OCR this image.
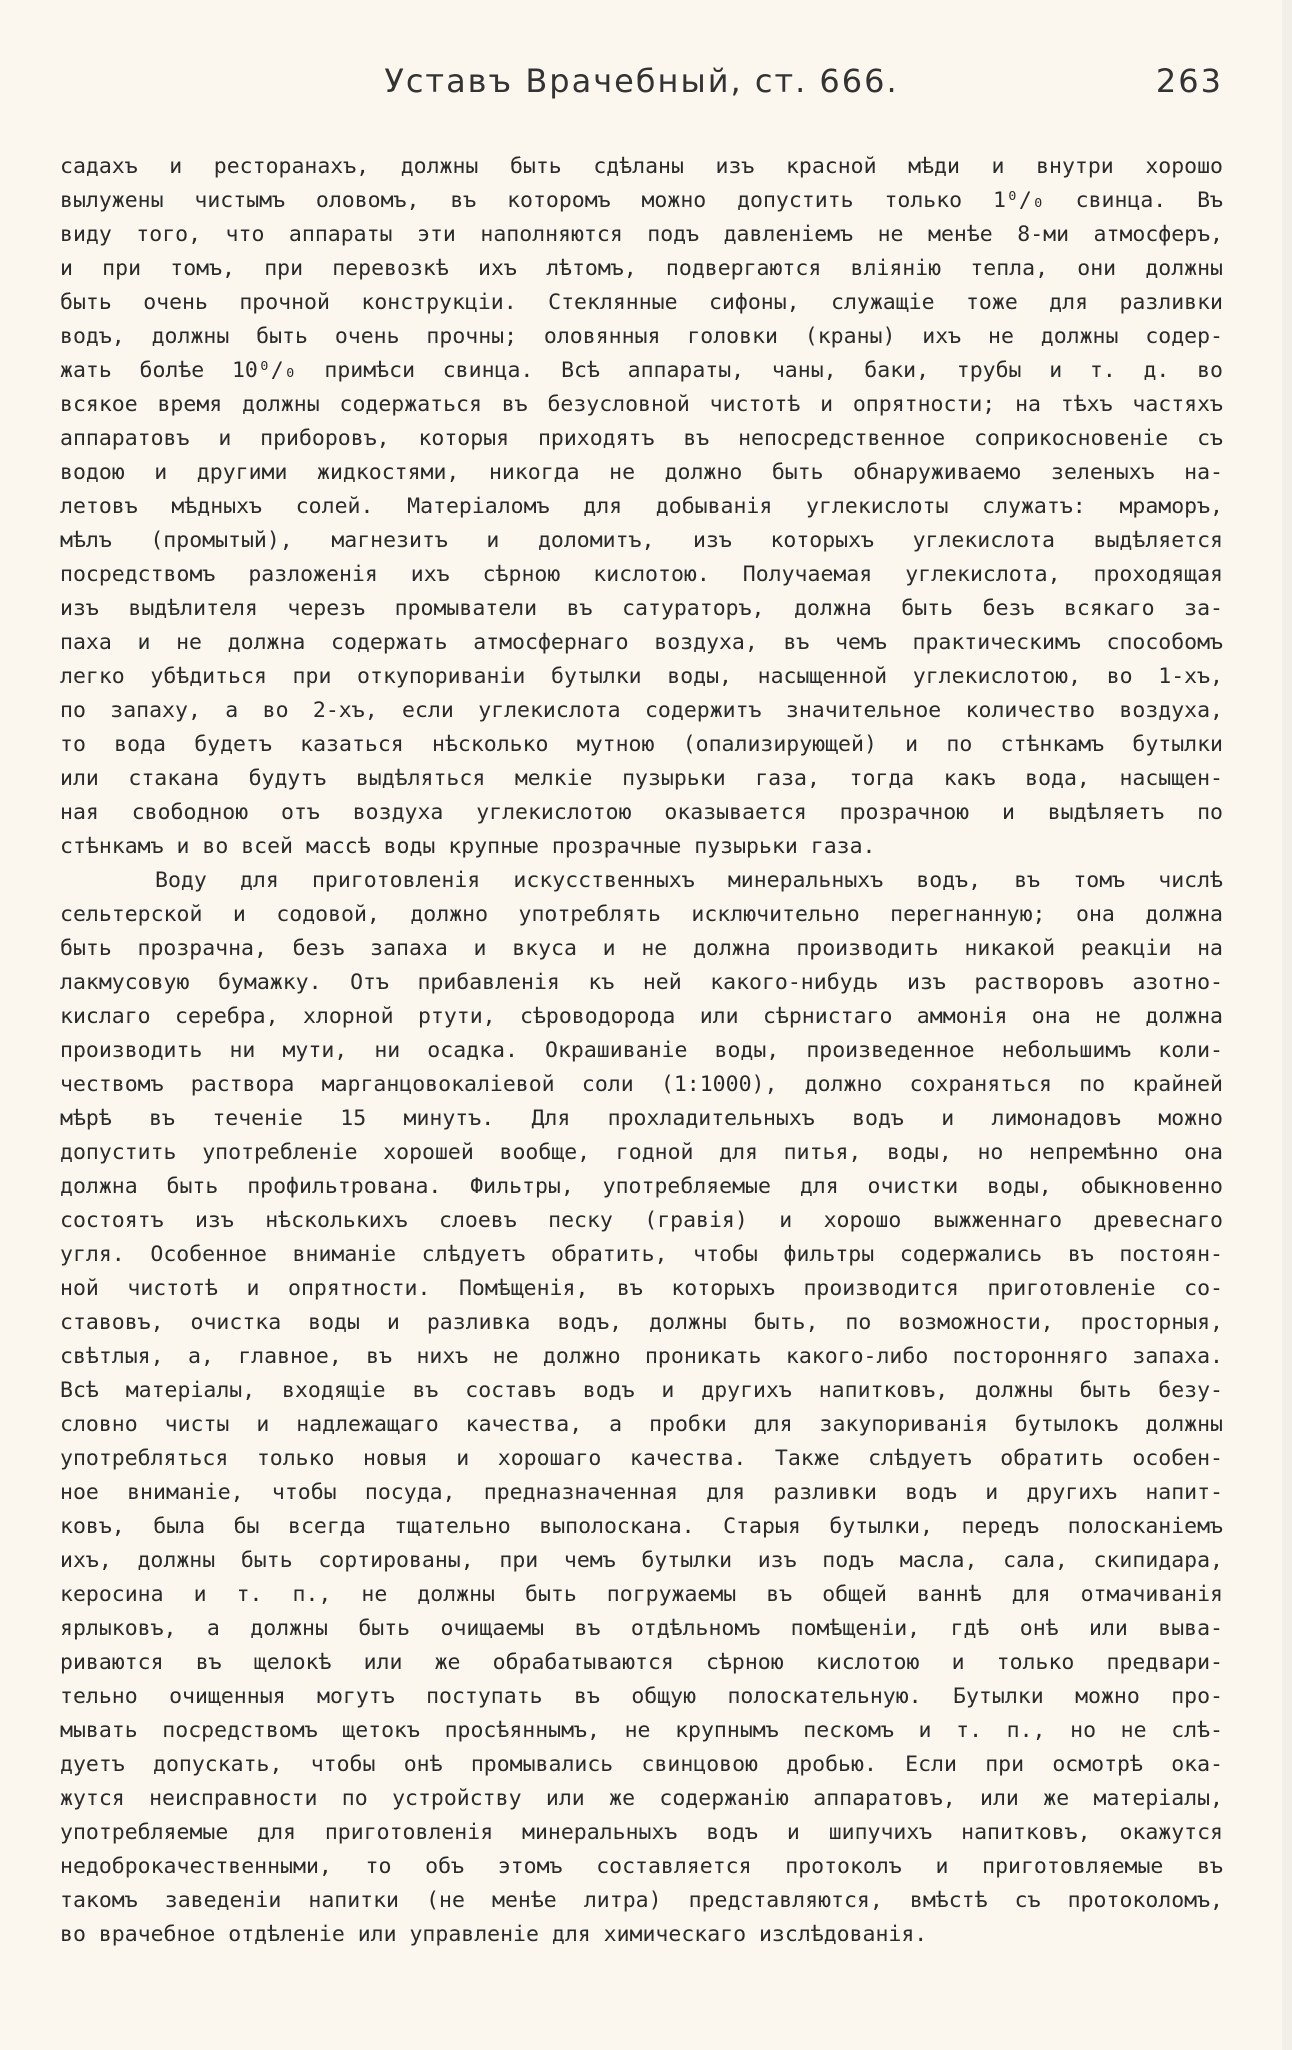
Уставъ Врачебный, ст. 666.	263
садахъ и ресторанахъ, должны быть сдѣланы изъ красной мѣди и внутри хорошо
вылужены чистымъ оловомъ, въ которомъ можно допустить только 1⁰/₀ свинца. Въ
виду того, что аппараты эти наполняются подъ давленіемъ не менѣе 8-ми атмосферъ,
и при томъ, при перевозкѣ ихъ лѣтомъ, подвергаются вліянію тепла, они должны
быть очень прочной конструкціи. Стеклянные сифоны, служащіе тоже для разливки
водъ, должны быть очень прочны; оловянныя головки (краны) ихъ не должны содер-
жать болѣе 10⁰/₀ примѣси свинца. Всѣ аппараты, чаны, баки, трубы и т. д. во
всякое время должны содержаться въ безусловной чистотѣ и опрятности; на тѣхъ частяхъ
аппаратовъ и приборовъ, которыя приходятъ въ непосредственное соприкосновеніе съ
водою и другими жидкостями, никогда не должно быть обнаруживаемо зеленыхъ на-
летовъ мѣдныхъ солей. Матеріаломъ для добыванія углекислоты служатъ: мраморъ,
мѣлъ (промытый), магнезитъ и доломитъ, изъ которыхъ углекислота выдѣляется
посредствомъ разложенія ихъ сѣрною кислотою. Получаемая углекислота, проходящая
изъ выдѣлителя черезъ промыватели въ сатураторъ, должна быть безъ всякаго за-
паха и не должна содержать атмосфернаго воздуха, въ чемъ практическимъ способомъ
легко убѣдиться при откупориваніи бутылки воды, насыщенной углекислотою, во 1-хъ,
по запаху, а во 2-хъ, если углекислота содержитъ значительное количество воздуха,
то вода будетъ казаться нѣсколько мутною (опализирующей) и по стѣнкамъ бутылки
или стакана будутъ выдѣляться мелкіе пузырьки газа, тогда какъ вода, насыщен-
ная свободною отъ воздуха углекислотою оказывается прозрачною и выдѣляетъ по
стѣнкамъ и во всей массѣ воды крупные прозрачные пузырьки газа.
Воду для приготовленія искусственныхъ минеральныхъ водъ, въ томъ числѣ
сельтерской и содовой, должно употреблять исключительно перегнанную; она должна
быть прозрачна, безъ запаха и вкуса и не должна производить никакой реакціи на
лакмусовую бумажку. Отъ прибавленія къ ней какого-нибудь изъ растворовъ азотно-
кислаго серебра, хлорной ртути, сѣроводорода или сѣрнистаго аммонія она не должна
производить ни мути, ни осадка. Окрашиваніе воды, произведенное небольшимъ коли-
чествомъ раствора марганцовокаліевой соли (1:1000), должно сохраняться по крайней
мѣрѣ въ теченіе 15 минутъ. Для прохладительныхъ водъ и лимонадовъ можно
допустить употребленіе хорошей вообще, годной для питья, воды, но непремѣнно она
должна быть профильтрована. Фильтры, употребляемые для очистки воды, обыкновенно
состоятъ изъ нѣсколькихъ слоевъ песку (гравія) и хорошо выжженнаго древеснаго
угля. Особенное вниманіе слѣдуетъ обратить, чтобы фильтры содержались въ постоян-
ной чистотѣ и опрятности. Помѣщенія, въ которыхъ производится приготовленіе со-
ставовъ, очистка воды и разливка водъ, должны быть, по возможности, просторныя,
свѣтлыя, а, главное, въ нихъ не должно проникать какого-либо посторонняго запаха.
Всѣ матеріалы, входящіе въ составъ водъ и другихъ напитковъ, должны быть безу-
словно чисты и надлежащаго качества, а пробки для закупориванія бутылокъ должны
употребляться только новыя и хорошаго качества. Также слѣдуетъ обратить особен-
ное вниманіе, чтобы посуда, предназначенная для разливки водъ и другихъ напит-
ковъ, была бы всегда тщательно выполоскана. Старыя бутылки, передъ полосканіемъ
ихъ, должны быть сортированы, при чемъ бутылки изъ подъ масла, сала, скипидара,
керосина и т. п., не должны быть погружаемы въ общей ваннѣ для отмачиванія
ярлыковъ, а должны быть очищаемы въ отдѣльномъ помѣщеніи, гдѣ онѣ или выва-
риваются въ щелокѣ или же обрабатываются сѣрною кислотою и только предвари-
тельно очищенныя могутъ поступать въ общую полоскательную. Бутылки можно про-
мывать посредствомъ щетокъ просѣяннымъ, не крупнымъ пескомъ и т. п., но не слѣ-
дуетъ допускать, чтобы онѣ промывались свинцовою дробью. Если при осмотрѣ ока-
жутся неисправности по устройству или же содержанію аппаратовъ, или же матеріалы,
употребляемые для приготовленія минеральныхъ водъ и шипучихъ напитковъ, окажутся
недоброкачественными, то объ этомъ составляется протоколъ и приготовляемые въ
такомъ заведеніи напитки (не менѣе литра) представляются, вмѣстѣ съ протоколомъ,
во врачебное отдѣленіе или управленіе для химическаго изслѣдованія.
